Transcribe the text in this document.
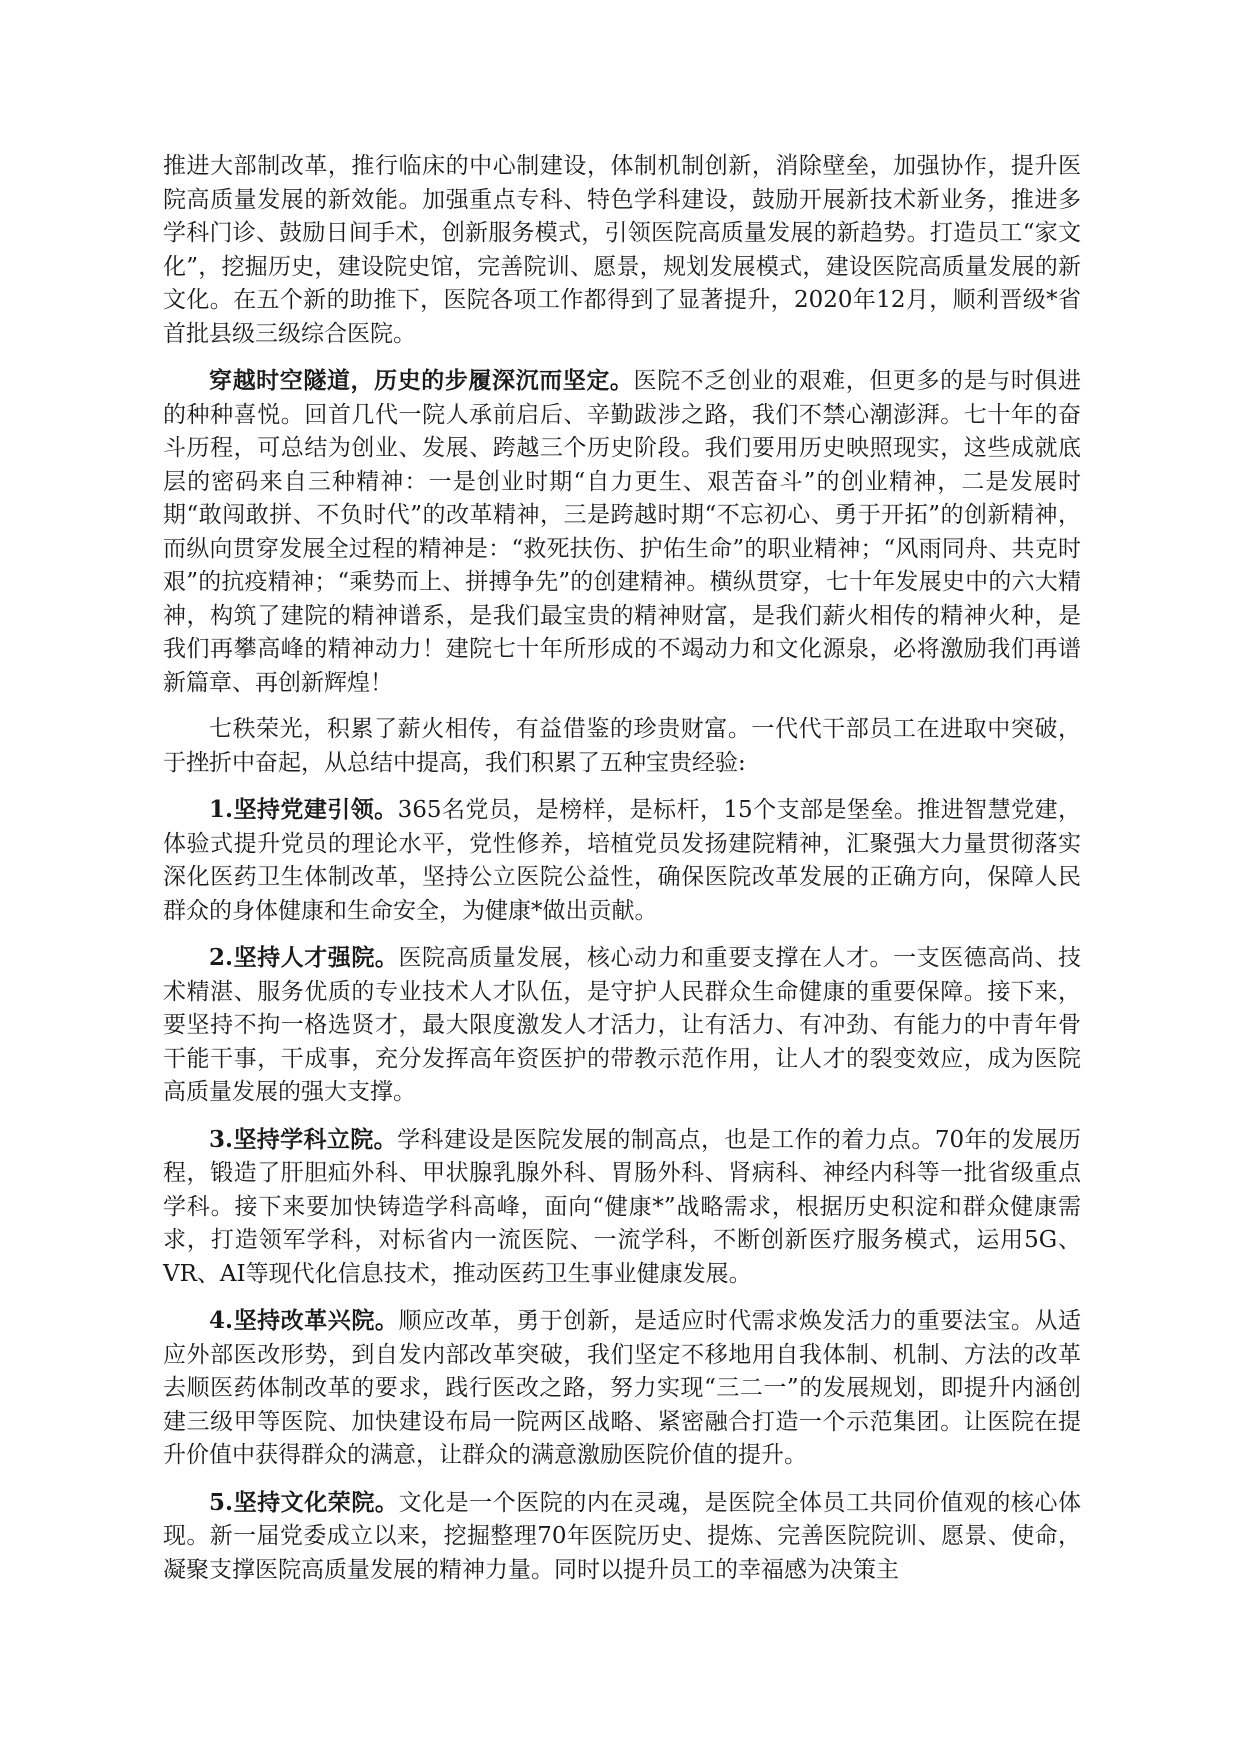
推进大部制改革，推行临床的中心制建设，体制机制创新，消除壁垒，加强协作，提升医院高质量发展的新效能。加强重点专科、特色学科建设，鼓励开展新技术新业务，推进多学科门诊、鼓励日间手术，创新服务模式，引领医院高质量发展的新趋势。打造员工“家文化”，挖掘历史，建设院史馆，完善院训、愿景，规划发展模式，建设医院高质量发展的新文化。在五个新的助推下，医院各项工作都得到了显著提升，2020年12月，顺利晋级*省首批县级三级综合医院。

穿越时空隧道，历史的步履深沉而坚定。医院不乏创业的艰难，但更多的是与时俱进的种种喜悦。回首几代一院人承前启后、辛勤跋涉之路，我们不禁心潮澎湃。七十年的奋斗历程，可总结为创业、发展、跨越三个历史阶段。我们要用历史映照现实，这些成就底层的密码来自三种精神：一是创业时期“自力更生、艰苦奋斗”的创业精神，二是发展时期“敢闯敢拼、不负时代”的改革精神，三是跨越时期“不忘初心、勇于开拓”的创新精神，而纵向贯穿发展全过程的精神是：“救死扶伤、护佑生命”的职业精神；“风雨同舟、共克时艰”的抗疫精神；“乘势而上、拼搏争先”的创建精神。横纵贯穿，七十年发展史中的六大精神，构筑了建院的精神谱系，是我们最宝贵的精神财富，是我们薪火相传的精神火种，是我们再攀高峰的精神动力！建院七十年所形成的不竭动力和文化源泉，必将激励我们再谱新篇章、再创新辉煌！

七秩荣光，积累了薪火相传，有益借鉴的珍贵财富。一代代干部员工在进取中突破，于挫折中奋起，从总结中提高，我们积累了五种宝贵经验:

1.坚持党建引领。365名党员，是榜样，是标杆，15个支部是堡垒。推进智慧党建，体验式提升党员的理论水平，党性修养，培植党员发扬建院精神，汇聚强大力量贯彻落实深化医药卫生体制改革，坚持公立医院公益性，确保医院改革发展的正确方向，保障人民群众的身体健康和生命安全，为健康*做出贡献。

2.坚持人才强院。医院高质量发展，核心动力和重要支撑在人才。一支医德高尚、技术精湛、服务优质的专业技术人才队伍，是守护人民群众生命健康的重要保障。接下来，要坚持不拘一格选贤才，最大限度激发人才活力，让有活力、有冲劲、有能力的中青年骨干能干事，干成事，充分发挥高年资医护的带教示范作用，让人才的裂变效应，成为医院高质量发展的强大支撑。

3.坚持学科立院。学科建设是医院发展的制高点，也是工作的着力点。70年的发展历程，锻造了肝胆疝外科、甲状腺乳腺外科、胃肠外科、肾病科、神经内科等一批省级重点学科。接下来要加快铸造学科高峰，面向“健康*”战略需求，根据历史积淀和群众健康需求，打造领军学科，对标省内一流医院、一流学科，不断创新医疗服务模式，运用5G、VR、AI等现代化信息技术，推动医药卫生事业健康发展。

4.坚持改革兴院。顺应改革，勇于创新，是适应时代需求焕发活力的重要法宝。从适应外部医改形势，到自发内部改革突破，我们坚定不移地用自我体制、机制、方法的改革去顺医药体制改革的要求，践行医改之路，努力实现“三二一”的发展规划，即提升内涵创建三级甲等医院、加快建设布局一院两区战略、紧密融合打造一个示范集团。让医院在提升价值中获得群众的满意，让群众的满意激励医院价值的提升。

5.坚持文化荣院。文化是一个医院的内在灵魂，是医院全体员工共同价值观的核心体现。新一届党委成立以来，挖掘整理70年医院历史、提炼、完善医院院训、愿景、使命，凝聚支撑医院高质量发展的精神力量。同时以提升员工的幸福感为决策主
